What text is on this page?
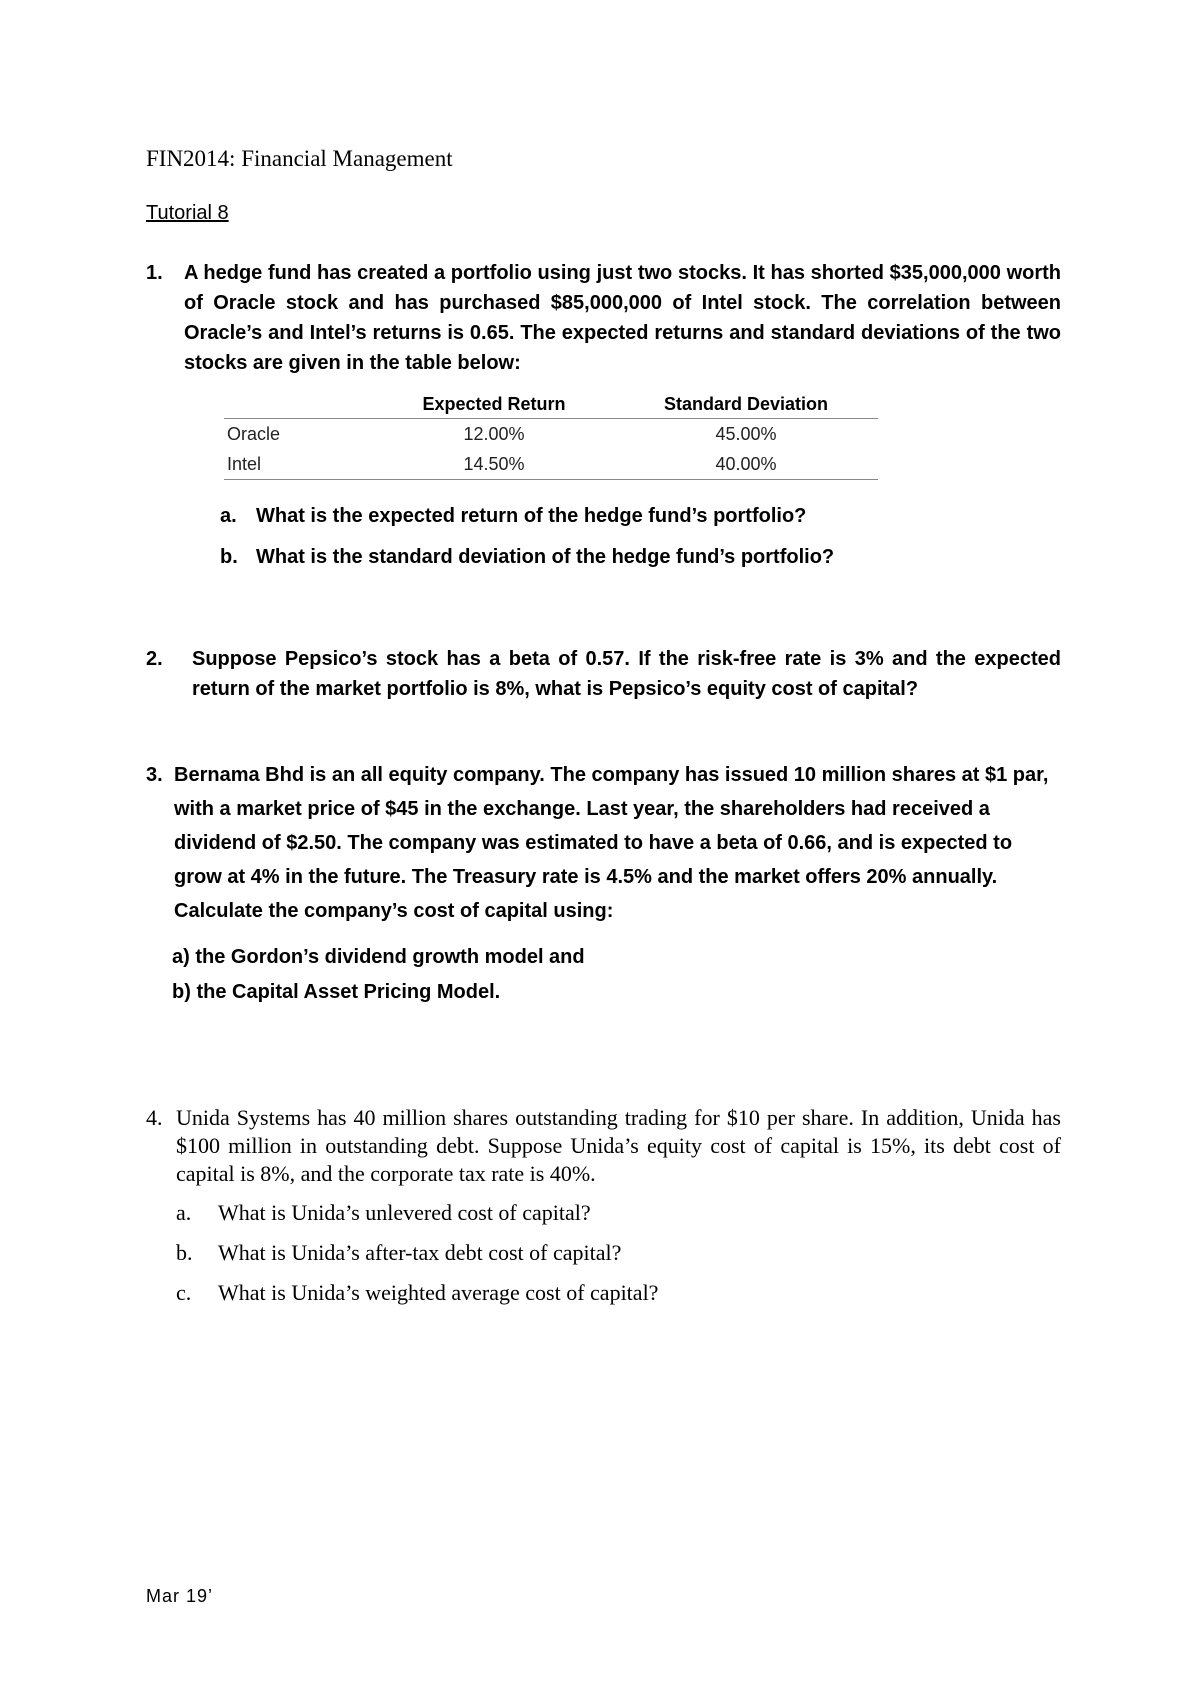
FIN2014: Financial Management
Tutorial 8
1.	A hedge fund has created a portfolio using just two stocks. It has shorted $35,000,000 worth of Oracle stock and has purchased $85,000,000 of Intel stock. The correlation between Oracle’s and Intel’s returns is 0.65. The expected returns and standard deviations of the two stocks are given in the table below:
	Expected Return	Standard Deviation
Oracle	12.00%	45.00%
Intel	14.50%	40.00%
a. What is the expected return of the hedge fund’s portfolio?
b. What is the standard deviation of the hedge fund’s portfolio?
2.	Suppose Pepsico’s stock has a beta of 0.57. If the risk-free rate is 3% and the expected return of the market portfolio is 8%, what is Pepsico’s equity cost of capital?
3. Bernama Bhd is an all equity company. The company has issued 10 million shares at $1 par, with a market price of $45 in the exchange. Last year, the shareholders had received a dividend of $2.50. The company was estimated to have a beta of 0.66, and is expected to grow at 4% in the future. The Treasury rate is 4.5% and the market offers 20% annually. Calculate the company’s cost of capital using:
a)
the Gordon’s dividend growth model and
b)
the Capital Asset Pricing Model.
4. Unida Systems has 40 million shares outstanding trading for $10 per share. In addition, Unida has $100 million in outstanding debt. Suppose Unida’s equity cost of capital is 15%, its debt cost of capital is 8%, and the corporate tax rate is 40%.
a.	What is Unida’s unlevered cost of capital?
b.	What is Unida’s after-tax debt cost of capital?
c.	What is Unida’s weighted average cost of capital?
Mar 19’
